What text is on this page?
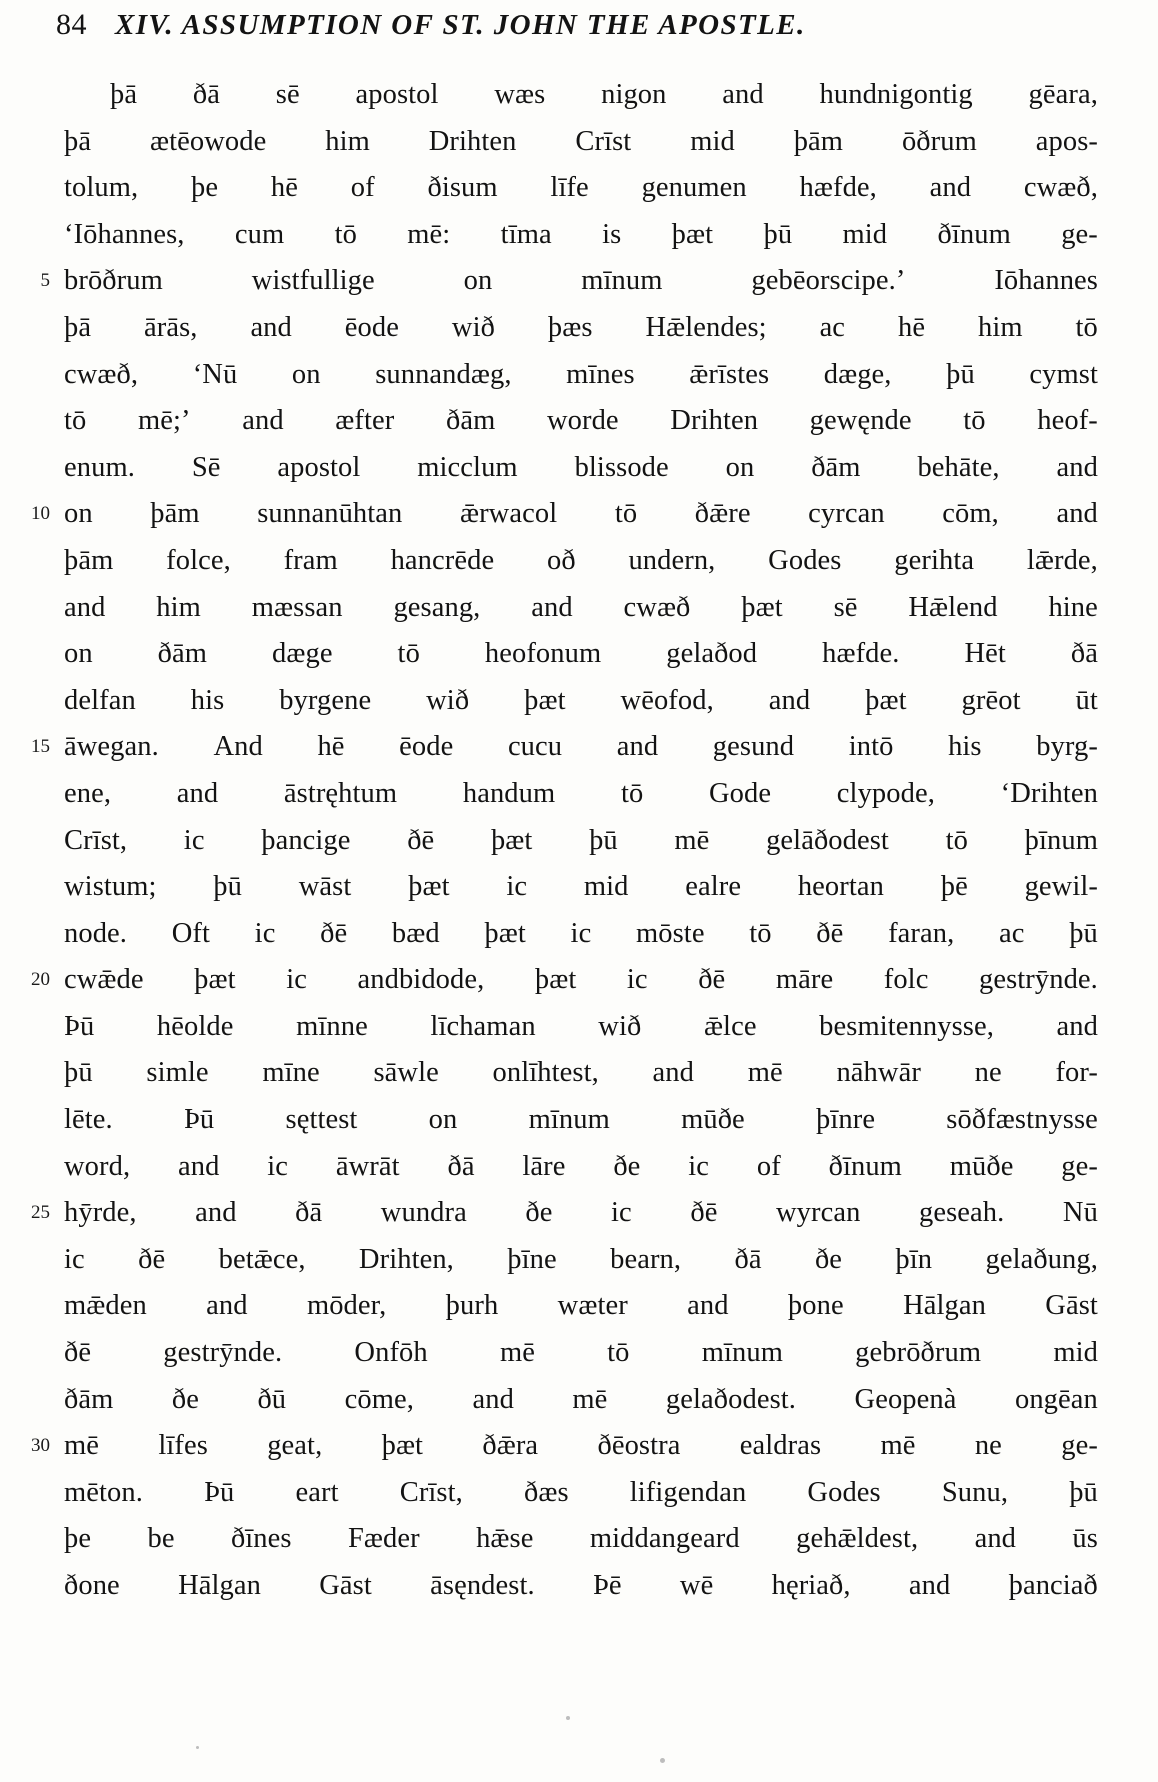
84 XIV. ASSUMPTION OF ST. JOHN THE APOSTLE.
þā ðā sē apostol wæs nigon and hundnigontig gēara,
þā ætēowode him Drihten Crīst mid þām ōðrum apos-
tolum, þe hē of ðisum līfe genumen hæfde, and cwæð,
‘Iōhannes, cum tō mē: tīma is þæt þū mid ðīnum ge-
5 brōðrum	wistfullige	on	mīnum	gebēorscipe.’	Iōhannes
þā ārās, and ēode wið þæs Hǣlendes; ac hē him tō
cwæð, ‘Nū on sunnandæg, mīnes ǣrīstes dæge, þū cymst
tō mē;’ and æfter ðām worde Drihten gewęnde tō heof-
enum. Sē apostol micclum blissode on ðām behāte, and
10 on þām sunnanūhtan ǣrwacol tō ðǣre cyrcan cōm, and
þām folce, fram hancrēde oð undern, Godes gerihta lǣrde,
and him mæssan gesang, and cwæð þæt sē Hǣlend hine
on ðām dæge tō heofonum gelaðod hæfde. Hēt ðā
delfan his byrgene wið þæt wēofod, and þæt grēot ūt
15 āwegan. And hē ēode cucu and gesund intō his byrg-
ene, and āstręhtum handum tō Gode clypode, ‘Drihten
Crīst, ic þancige ðē þæt þū mē gelāðodest tō þīnum
wistum; þū wāst þæt ic mid ealre heortan þē gewil-
node. Oft ic ðē bæd þæt ic mōste tō ðē faran, ac þū
20 cwǣde þæt ic andbidode, þæt ic ðē māre folc gestrȳnde.
Þū hēolde mīnne līchaman wið ǣlce besmitennysse, and
þū simle mīne sāwle onlīhtest, and mē nāhwār ne for-
lēte. Þū sęttest on mīnum mūðe þīnre sōðfæstnysse
word, and ic āwrāt ðā lāre ðe ic of ðīnum mūðe ge-
25 hȳrde, and ðā wundra ðe ic ðē wyrcan geseah. Nū
ic ðē betǣce, Drihten, þīne bearn, ðā ðe þīn gelaðung,
mǣden and mōder, þurh wæter and þone Hālgan Gāst
ðē	gestrȳnde.	Onfōh	mē	tō	mīnum	gebrōðrum	mid
ðām ðe ðū cōme, and mē gelaðodest. Geopenà ongēan
30 mē līfes geat, þæt ðǣra ðēostra ealdras mē ne ge-
mēton. Þū eart Crīst, ðæs lifigendan Godes Sunu, þū
þe be ðīnes Fæder hǣse middangeard gehǣldest, and ūs
ðone Hālgan Gāst āsęndest. Þē wē hęriað, and þanciað
